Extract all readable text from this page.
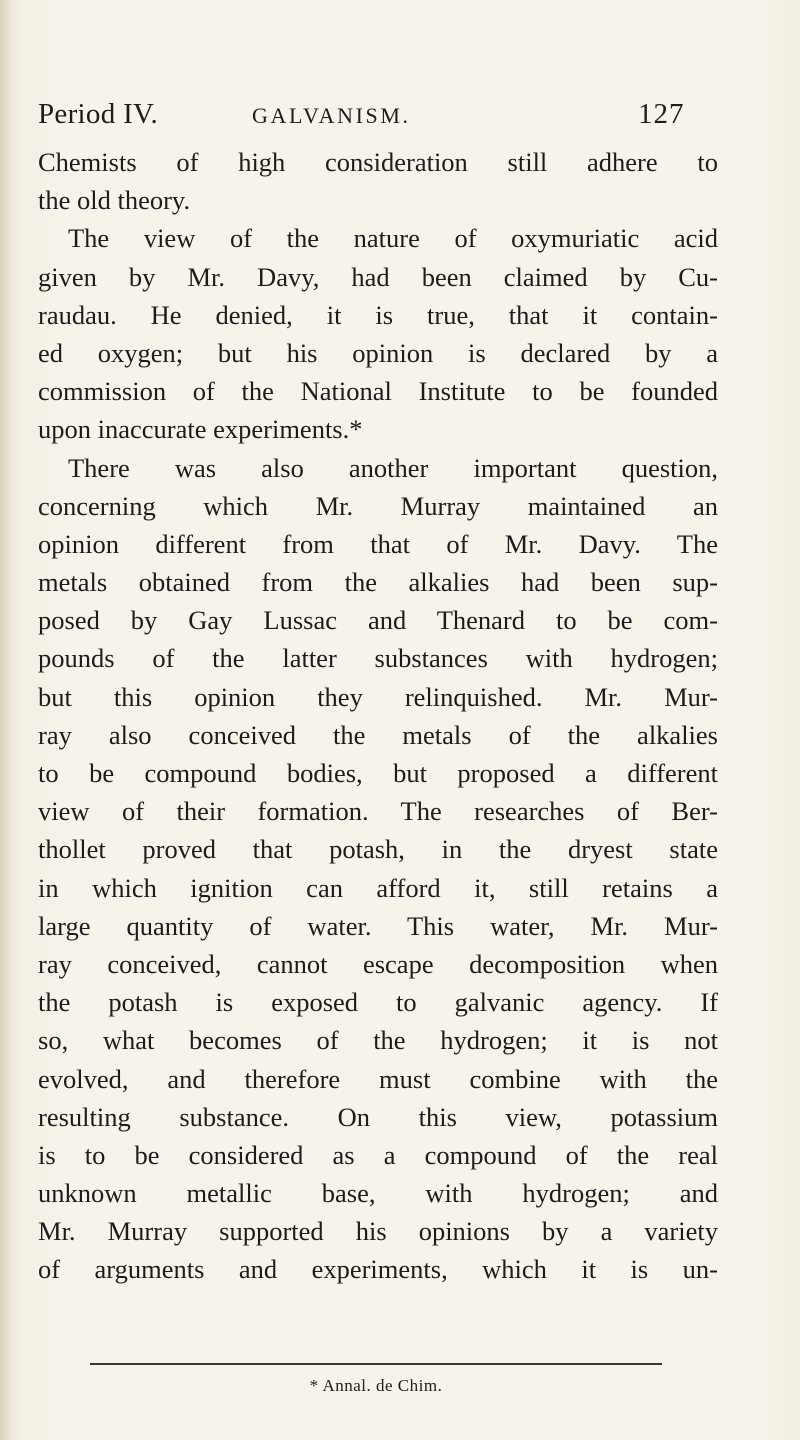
Period IV.	GALVANISM.	127
Chemists of high consideration still adhere to
the old theory.
The view of the nature of oxymuriatic acid
given by Mr. Davy, had been claimed by Cu-
raudau. He denied, it is true, that it contain-
ed oxygen; but his opinion is declared by a
commission of the National Institute to be founded
upon inaccurate experiments.*
There was also another important question,
concerning which Mr. Murray maintained an
opinion different from that of Mr. Davy. The
metals obtained from the alkalies had been sup-
posed by Gay Lussac and Thenard to be com-
pounds of the latter substances with hydrogen;
but this opinion they relinquished. Mr. Mur-
ray also conceived the metals of the alkalies
to be compound bodies, but proposed a different
view of their formation. The researches of Ber-
thollet proved that potash, in the dryest state
in which ignition can afford it, still retains a
large quantity of water. This water, Mr. Mur-
ray conceived, cannot escape decomposition when
the potash is exposed to galvanic agency. If
so, what becomes of the hydrogen; it is not
evolved, and therefore must combine with the
resulting substance. On this view, potassium
is to be considered as a compound of the real
unknown metallic base, with hydrogen; and
Mr. Murray supported his opinions by a variety
of arguments and experiments, which it is un-
* Annal. de Chim.
